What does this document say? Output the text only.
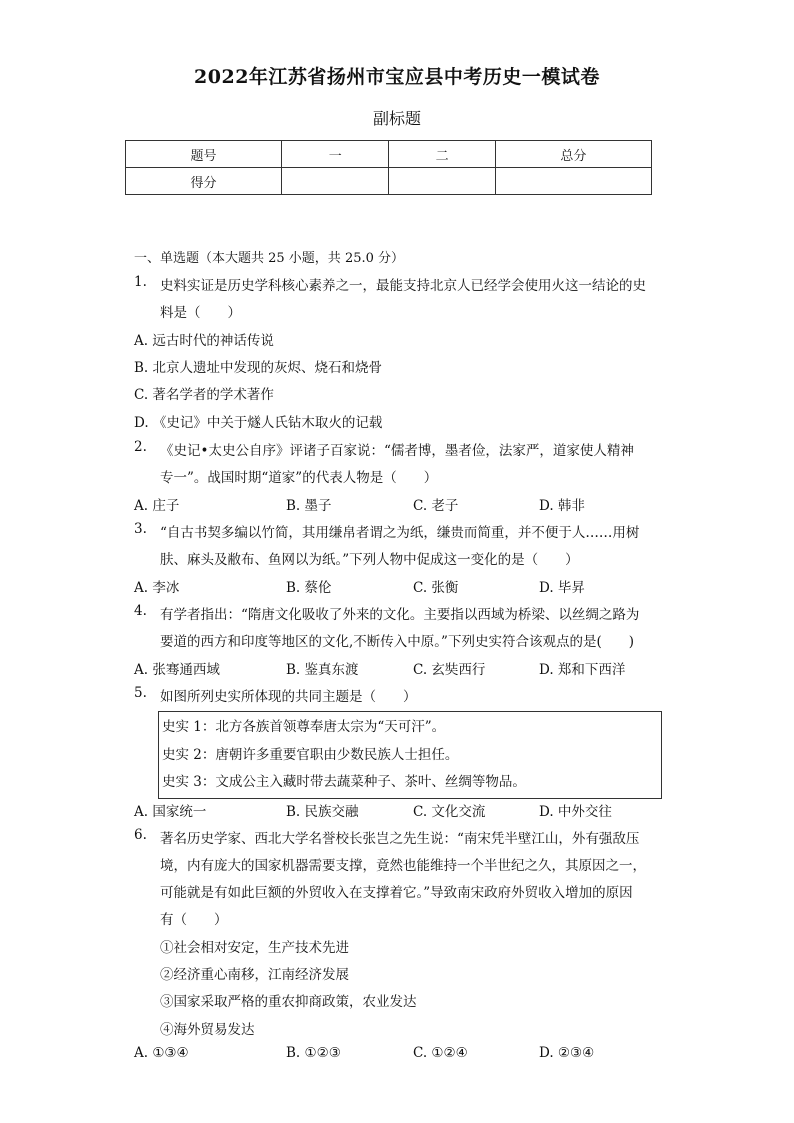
2022年江苏省扬州市宝应县中考历史一模试卷
副标题
题号	一	二	总分
得分			
一、单选题（本大题共 25 小题，共 25.0 分）
1. 史料实证是历史学科核心素养之一，最能支持北京人已经学会使用火这一结论的史
料是（　　）
A. 远古时代的神话传说
B. 北京人遗址中发现的灰烬、烧石和烧骨
C. 著名学者的学术著作
D. 《史记》中关于燧人氏钻木取火的记载
2. 《史记•太史公自序》评诸子百家说：“儒者博，墨者俭，法家严，道家使人精神
专一”。战国时期“道家”的代表人物是（　　）
A. 庄子	B. 墨子	C. 老子	D. 韩非
3. “自古书契多编以竹简，其用缣帛者谓之为纸，缣贵而简重，并不便于人……用树
肤、麻头及敝布、鱼网以为纸。”下列人物中促成这一变化的是（　　）
A. 李冰	B. 蔡伦	C. 张衡	D. 毕昇
4. 有学者指出：“隋唐文化吸收了外来的文化。主要指以西域为桥梁、以丝绸之路为
要道的西方和印度等地区的文化,不断传入中原。”下列史实符合该观点的是(　　)
A. 张骞通西域	B. 鉴真东渡	C. 玄奘西行	D. 郑和下西洋
5. 如图所列史实所体现的共同主题是（　　）
史实 1：北方各族首领尊奉唐太宗为“天可汗”。
史实 2：唐朝许多重要官职由少数民族人士担任。
史实 3：文成公主入藏时带去蔬菜种子、茶叶、丝绸等物品。
A. 国家统一	B. 民族交融	C. 文化交流	D. 中外交往
6. 著名历史学家、西北大学名誉校长张岂之先生说：“南宋凭半壁江山，外有强敌压
境，内有庞大的国家机器需要支撑，竟然也能维持一个半世纪之久，其原因之一，
可能就是有如此巨额的外贸收入在支撑着它。”导致南宋政府外贸收入增加的原因
有（　　）
①社会相对安定，生产技术先进
②经济重心南移，江南经济发展
③国家采取严格的重农抑商政策，农业发达
④海外贸易发达
A. ①③④	B. ①②③	C. ①②④	D. ②③④
